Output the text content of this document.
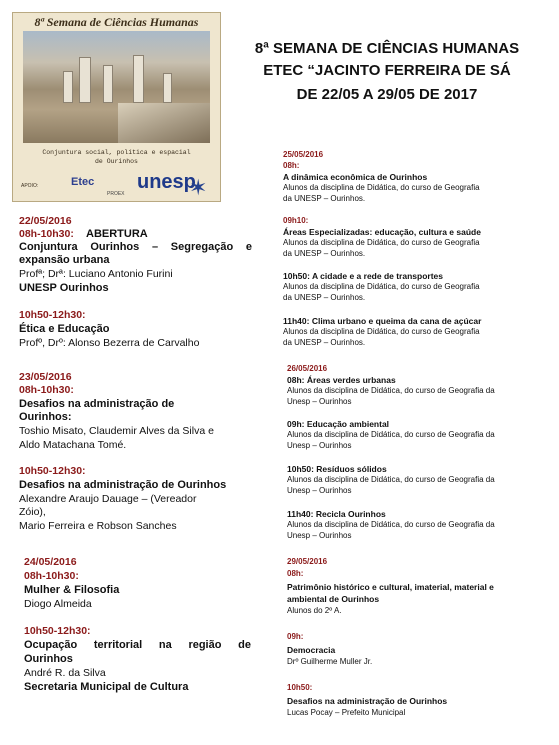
8ª Semana de Ciências Humanas
Conjuntura social, política e espacial
de Ourinhos
APOIO:	Etec
PROEX
unesp
✶
8ª SEMANA DE CIÊNCIAS HUMANAS
ETEC “JACINTO FERREIRA DE SÁ
DE 22/05 A 29/05 DE 2017
22/05/2016
08h-10h30: ABERTURA
Conjuntura Ourinhos – Segregação e
expansão urbana
Profª; Drª: Luciano Antonio Furini
UNESP Ourinhos
10h50-12h30:
Ética e Educação
Profº, Drº: Alonso Bezerra de Carvalho
23/05/2016
08h-10h30:
Desafios na administração de
Ourinhos:
Toshio Misato, Claudemir Alves da Silva e
Aldo Matachana Tomé.
10h50-12h30:
Desafios na administração de Ourinhos
Alexandre Araujo Dauage – (Vereador
Zóio),
Mario Ferreira e Robson Sanches
24/05/2016
08h-10h30:
Mulher & Filosofia
Diogo Almeida
10h50-12h30:
Ocupação territorial na região de
Ourinhos
André R. da Silva
Secretaria Municipal de Cultura
25/05/2016
08h:
A dinâmica econômica de Ourinhos
Alunos da disciplina de Didática, do curso de Geografia
da UNESP – Ourinhos.
09h10:
Áreas Especializadas: educação, cultura e saúde
Alunos da disciplina de Didática, do curso de Geografia
da UNESP – Ourinhos.
10h50: A cidade e a rede de transportes
Alunos da disciplina de Didática, do curso de Geografia
da UNESP – Ourinhos.
11h40: Clima urbano e queima da cana de açúcar
Alunos da disciplina de Didática, do curso de Geografia
da UNESP – Ourinhos.
26/05/2016
08h: Áreas verdes urbanas
Alunos da disciplina de Didática, do curso de Geografia da
Unesp – Ourinhos
09h: Educação ambiental
Alunos da disciplina de Didática, do curso de Geografia da
Unesp – Ourinhos
10h50: Resíduos sólidos
Alunos da disciplina de Didática, do curso de Geografia da
Unesp – Ourinhos
11h40: Recicla Ourinhos
Alunos da disciplina de Didática, do curso de Geografia da
Unesp – Ourinhos
29/05/2016
08h:
Patrimônio histórico e cultural, imaterial, material e
ambiental de Ourinhos
Alunos do 2º A.
09h:
Democracia
Drº Guilherme Muller Jr.
10h50:
Desafios na administração de Ourinhos
Lucas Pocay – Prefeito Municipal
